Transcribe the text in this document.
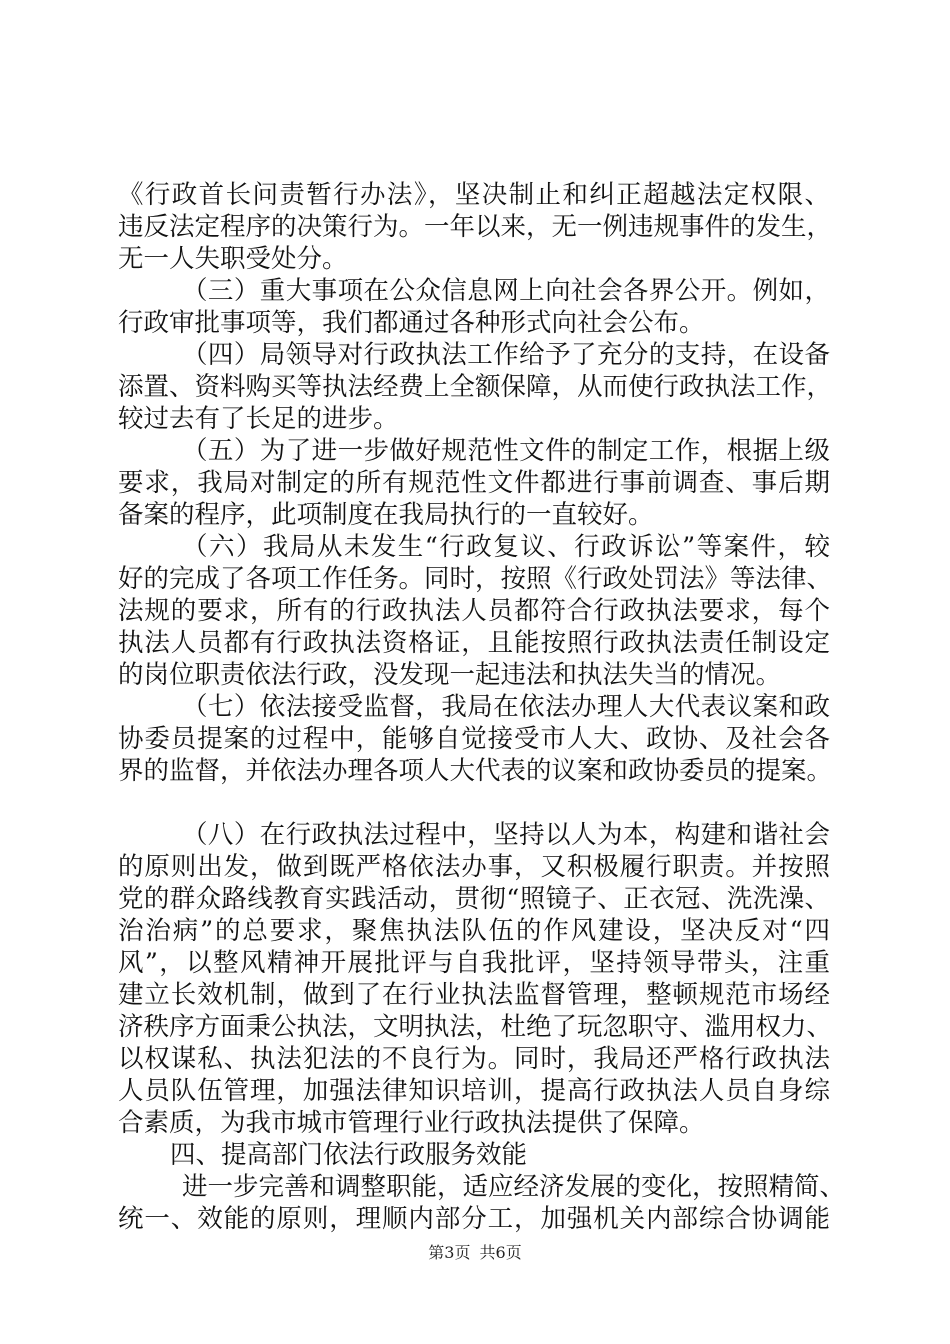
《行政首长问责暂行办法》，坚决制止和纠正超越法定权限、
违反法定程序的决策行为。一年以来，无一例违规事件的发生，
无一人失职受处分。
（三）重大事项在公众信息网上向社会各界公开。例如，
行政审批事项等，我们都通过各种形式向社会公布。
（四）局领导对行政执法工作给予了充分的支持，在设备
添置、资料购买等执法经费上全额保障，从而使行政执法工作，
较过去有了长足的进步。
（五）为了进一步做好规范性文件的制定工作，根据上级
要求，我局对制定的所有规范性文件都进行事前调查、事后期
备案的程序，此项制度在我局执行的一直较好。
（六）我局从未发生“行政复议、行政诉讼”等案件，较
好的完成了各项工作任务。同时，按照《行政处罚法》等法律、
法规的要求，所有的行政执法人员都符合行政执法要求，每个
执法人员都有行政执法资格证，且能按照行政执法责任制设定
的岗位职责依法行政，没发现一起违法和执法失当的情况。
（七）依法接受监督，我局在依法办理人大代表议案和政
协委员提案的过程中，能够自觉接受市人大、政协、及社会各
界的监督，并依法办理各项人大代表的议案和政协委员的提案。
（八）在行政执法过程中，坚持以人为本，构建和谐社会
的原则出发，做到既严格依法办事，又积极履行职责。并按照
党的群众路线教育实践活动，贯彻“照镜子、正衣冠、洗洗澡、
治治病”的总要求，聚焦执法队伍的作风建设，坚决反对“四
风”，以整风精神开展批评与自我批评，坚持领导带头，注重
建立长效机制，做到了在行业执法监督管理，整顿规范市场经
济秩序方面秉公执法，文明执法，杜绝了玩忽职守、滥用权力、
以权谋私、执法犯法的不良行为。同时，我局还严格行政执法
人员队伍管理，加强法律知识培训，提高行政执法人员自身综
合素质，为我市城市管理行业行政执法提供了保障。
四、提高部门依法行政服务效能
进一步完善和调整职能，适应经济发展的变化，按照精简、
统一、效能的原则，理顺内部分工，加强机关内部综合协调能
第3页 共6页
